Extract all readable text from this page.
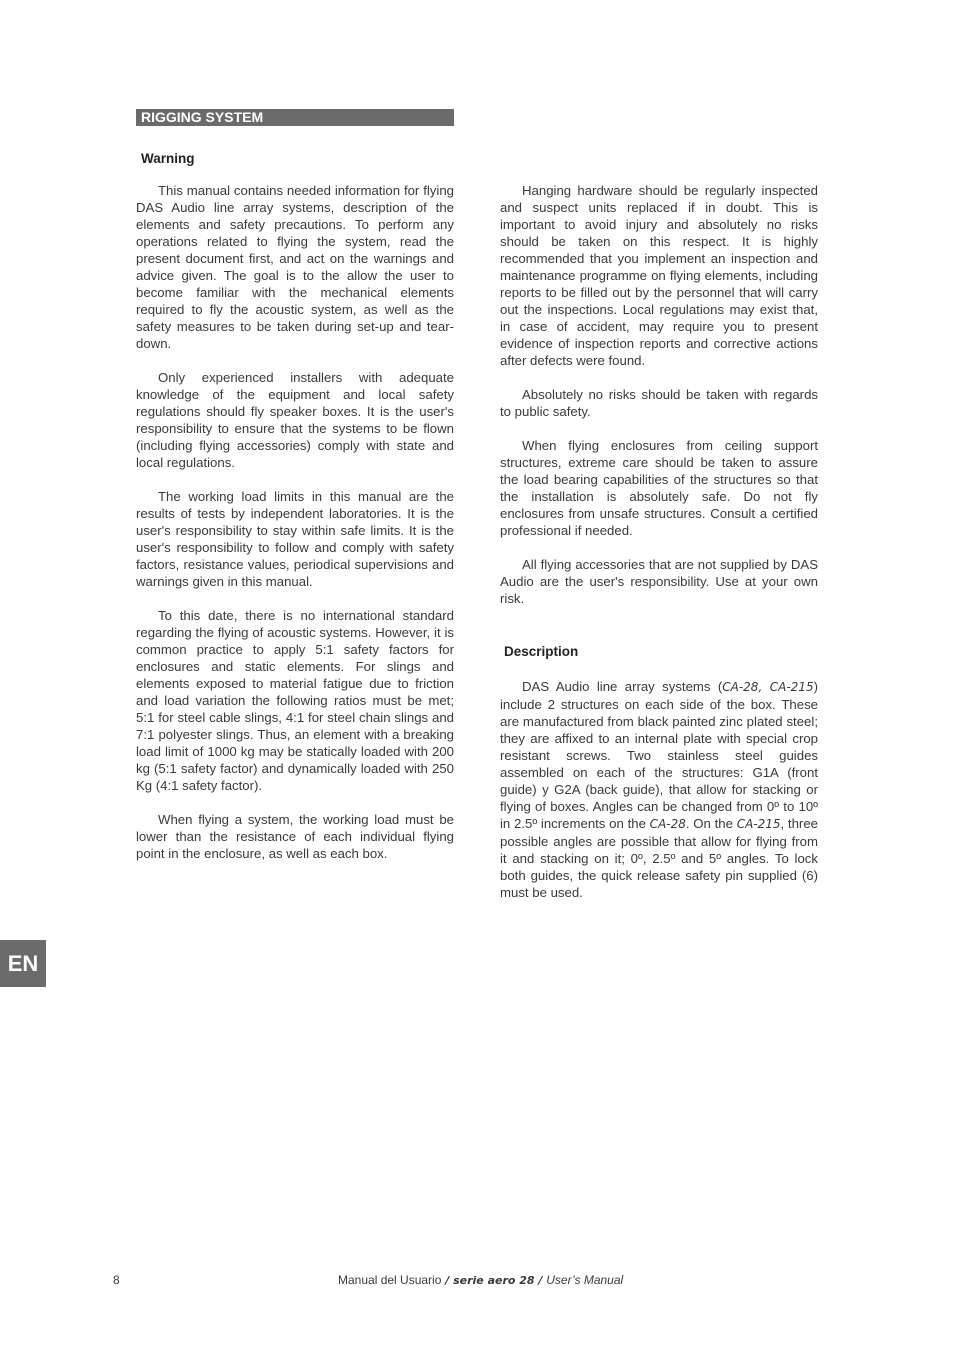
RIGGING SYSTEM
Warning

This manual contains needed information for flying DAS Audio line array systems, description of the elements and safety precautions. To perform any operations related to flying the system, read the present document first, and act on the warnings and advice given. The goal is to the allow the user to become familiar with the mechanical elements required to fly the acoustic system, as well as the safety measures to be taken during set-up and tear-down.

Only experienced installers with adequate knowledge of the equipment and local safety regulations should fly speaker boxes. It is the user's responsibility to ensure that the systems to be flown (including flying accessories) comply with state and local regulations.

The working load limits in this manual are the results of tests by independent laboratories. It is the user's responsibility to stay within safe limits. It is the user's responsibility to follow and comply with safety factors, resistance values, periodical supervisions and warnings given in this manual.

To this date, there is no international standard regarding the flying of acoustic systems. However, it is common practice to apply 5:1 safety factors for enclosures and static elements. For slings and elements exposed to material fatigue due to friction and load variation the following ratios must be met; 5:1 for steel cable slings, 4:1 for steel chain slings and 7:1 polyester slings. Thus, an element with a breaking load limit of 1000 kg may be statically loaded with 200 kg (5:1 safety factor) and dynamically loaded with 250 Kg (4:1 safety factor).

When flying a system, the working load must be lower than the resistance of each individual flying point in the enclosure, as well as each box.

Hanging hardware should be regularly inspected and suspect units replaced if in doubt. This is important to avoid injury and absolutely no risks should be taken on this respect. It is highly recommended that you implement an inspection and maintenance programme on flying elements, including reports to be filled out by the personnel that will carry out the inspections. Local regulations may exist that, in case of accident, may require you to present evidence of inspection reports and corrective actions after defects were found.

Absolutely no risks should be taken with regards to public safety.

When flying enclosures from ceiling support structures, extreme care should be taken to assure the load bearing capabilities of the structures so that the installation is absolutely safe. Do not fly enclosures from unsafe structures. Consult a certified professional if needed.

All flying accessories that are not supplied by DAS Audio are the user's responsibility. Use at your own risk.

Description

DAS Audio line array systems (CA-28, CA-215) include 2 structures on each side of the box. These are manufactured from black painted zinc plated steel; they are affixed to an internal plate with special crop resistant screws. Two stainless steel guides assembled on each of the structures: G1A (front guide) y G2A (back guide), that allow for stacking or flying of boxes. Angles can be changed from 0º to 10º in 2.5º increments on the CA-28. On the CA-215, three possible angles are possible that allow for flying from it and stacking on it; 0º, 2.5º and 5º angles. To lock both guides, the quick release safety pin supplied (6) must be used.

EN
8	Manual del Usuario / serie aero 28 / User’s Manual
